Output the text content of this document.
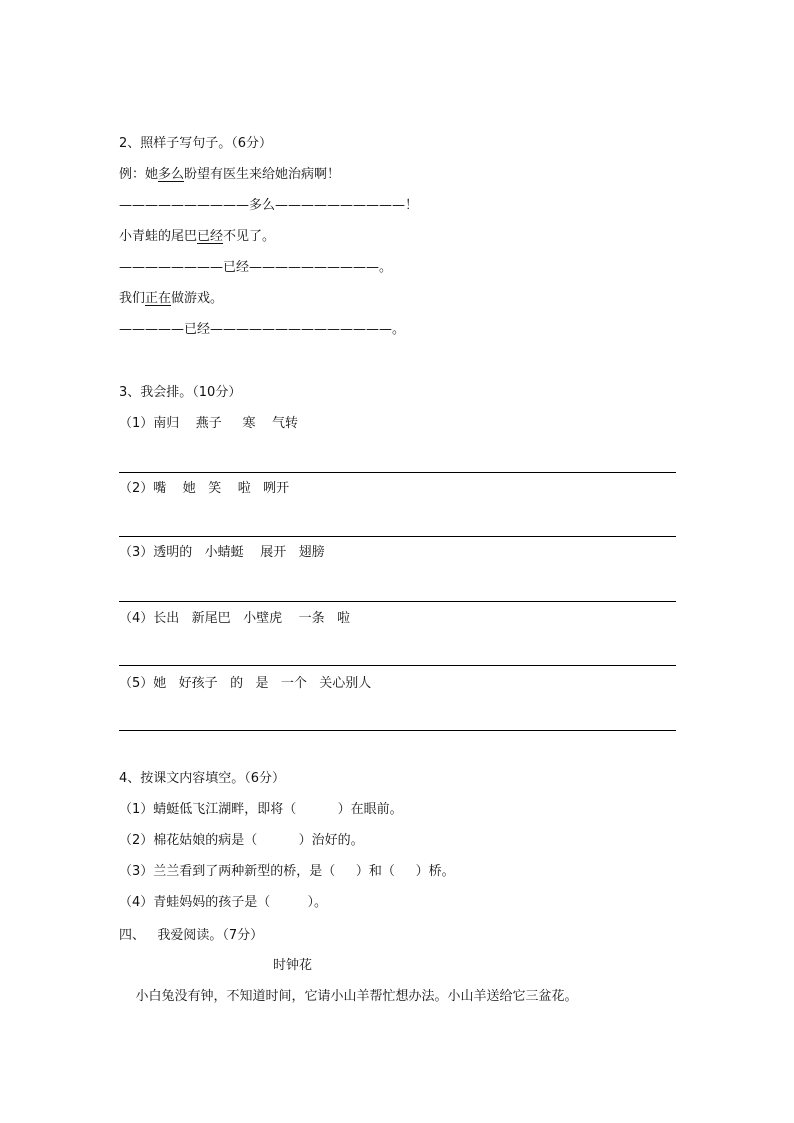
2、照样子写句子。（6分）
例：她多么盼望有医生来给她治病啊！
——————————多么——————————！
小青蛙的尾巴已经不见了。
————————已经——————————。
我们正在做游戏。
—————已经——————————————。
3、我会排。（10分）
（1）南归    燕子     寒    气转
（2）嘴    她   笑    啦   咧开
（3）透明的   小蜻蜓    展开   翅膀
（4）长出   新尾巴   小壁虎    一条   啦
（5）她   好孩子   的   是   一个   关心别人
4、按课文内容填空。（6分）
（1）蜻蜓低飞江湖畔，即将（          ）在眼前。
（2）棉花姑娘的病是（          ）治好的。
（3）兰兰看到了两种新型的桥，是（     ）和（     ）桥。
（4）青蛙妈妈的孩子是（         ）。
四、   我爱阅读。（7分）
时钟花
小白兔没有钟，不知道时间，它请小山羊帮忙想办法。小山羊送给它三盆花。
